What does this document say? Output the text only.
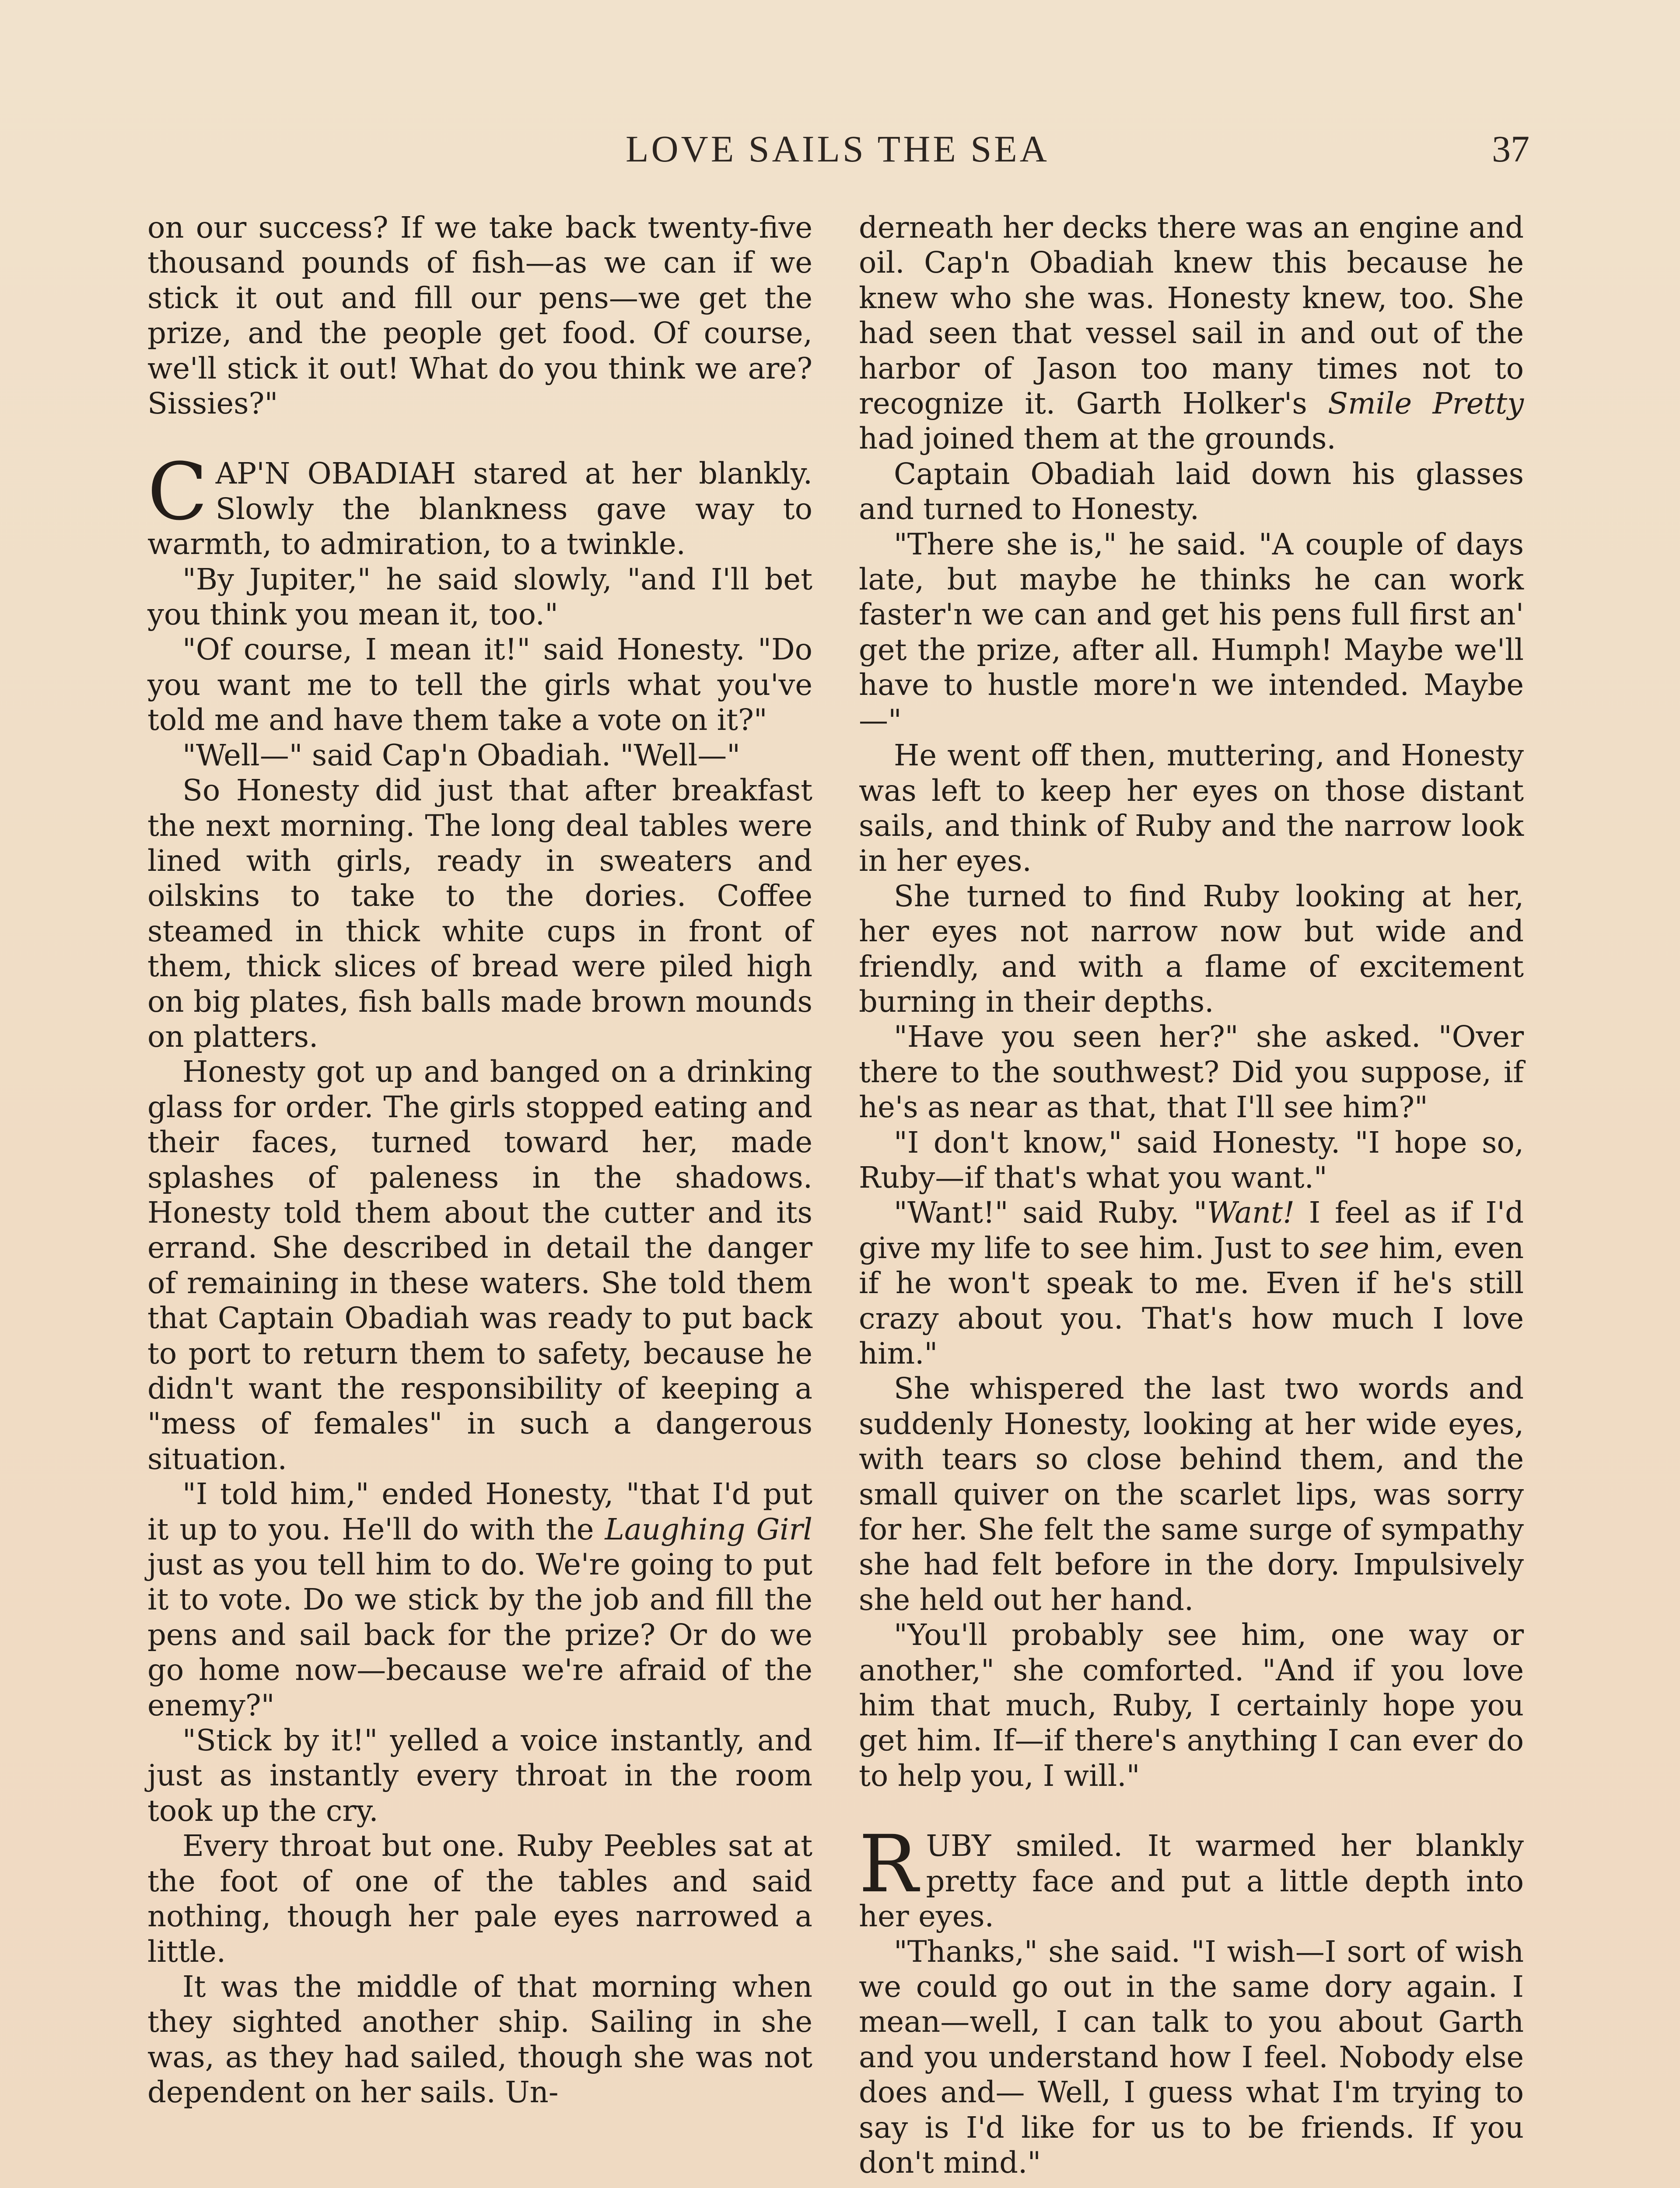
LOVE SAILS THE SEA	37

on our success? If we take back twenty-five thousand pounds of fish—as we can if we stick it out and fill our pens—we get the prize, and the people get food. Of course, we'll stick it out! What do you think we are? Sissies?"

CAP'N OBADIAH stared at her blankly. Slowly the blankness gave way to warmth, to admiration, to a twinkle.

"By Jupiter," he said slowly, "and I'll bet you think you mean it, too."

"Of course, I mean it!" said Honesty. "Do you want me to tell the girls what you've told me and have them take a vote on it?"

"Well—" said Cap'n Obadiah. "Well—"

So Honesty did just that after breakfast the next morning. The long deal tables were lined with girls, ready in sweaters and oilskins to take to the dories. Coffee steamed in thick white cups in front of them, thick slices of bread were piled high on big plates, fish balls made brown mounds on platters.

Honesty got up and banged on a drinking glass for order. The girls stopped eating and their faces, turned toward her, made splashes of paleness in the shadows. Honesty told them about the cutter and its errand. She described in detail the danger of remaining in these waters. She told them that Captain Obadiah was ready to put back to port to return them to safety, because he didn't want the responsibility of keeping a "mess of females" in such a dangerous situation.

"I told him," ended Honesty, "that I'd put it up to you. He'll do with the Laughing Girl just as you tell him to do. We're going to put it to vote. Do we stick by the job and fill the pens and sail back for the prize? Or do we go home now—because we're afraid of the enemy?"

"Stick by it!" yelled a voice instantly, and just as instantly every throat in the room took up the cry.

Every throat but one. Ruby Peebles sat at the foot of one of the tables and said nothing, though her pale eyes narrowed a little.

It was the middle of that morning when they sighted another ship. Sailing in she was, as they had sailed, though she was not dependent on her sails. Un-

derneath her decks there was an engine and oil. Cap'n Obadiah knew this because he knew who she was. Honesty knew, too. She had seen that vessel sail in and out of the harbor of Jason too many times not to recognize it. Garth Holker's Smile Pretty had joined them at the grounds.

Captain Obadiah laid down his glasses and turned to Honesty.

"There she is," he said. "A couple of days late, but maybe he thinks he can work faster'n we can and get his pens full first an' get the prize, after all. Humph! Maybe we'll have to hustle more'n we intended. Maybe—"

He went off then, muttering, and Honesty was left to keep her eyes on those distant sails, and think of Ruby and the narrow look in her eyes.

She turned to find Ruby looking at her, her eyes not narrow now but wide and friendly, and with a flame of excitement burning in their depths.

"Have you seen her?" she asked. "Over there to the southwest? Did you suppose, if he's as near as that, that I'll see him?"

"I don't know," said Honesty. "I hope so, Ruby—if that's what you want."

"Want!" said Ruby. "Want! I feel as if I'd give my life to see him. Just to see him, even if he won't speak to me. Even if he's still crazy about you. That's how much I love him."

She whispered the last two words and suddenly Honesty, looking at her wide eyes, with tears so close behind them, and the small quiver on the scarlet lips, was sorry for her. She felt the same surge of sympathy she had felt before in the dory. Impulsively she held out her hand.

"You'll probably see him, one way or another," she comforted. "And if you love him that much, Ruby, I certainly hope you get him. If—if there's anything I can ever do to help you, I will."

RUBY smiled. It warmed her blankly pretty face and put a little depth into her eyes.

"Thanks," she said. "I wish—I sort of wish we could go out in the same dory again. I mean—well, I can talk to you about Garth and you understand how I feel. Nobody else does and— Well, I guess what I'm trying to say is I'd like for us to be friends. If you don't mind."
